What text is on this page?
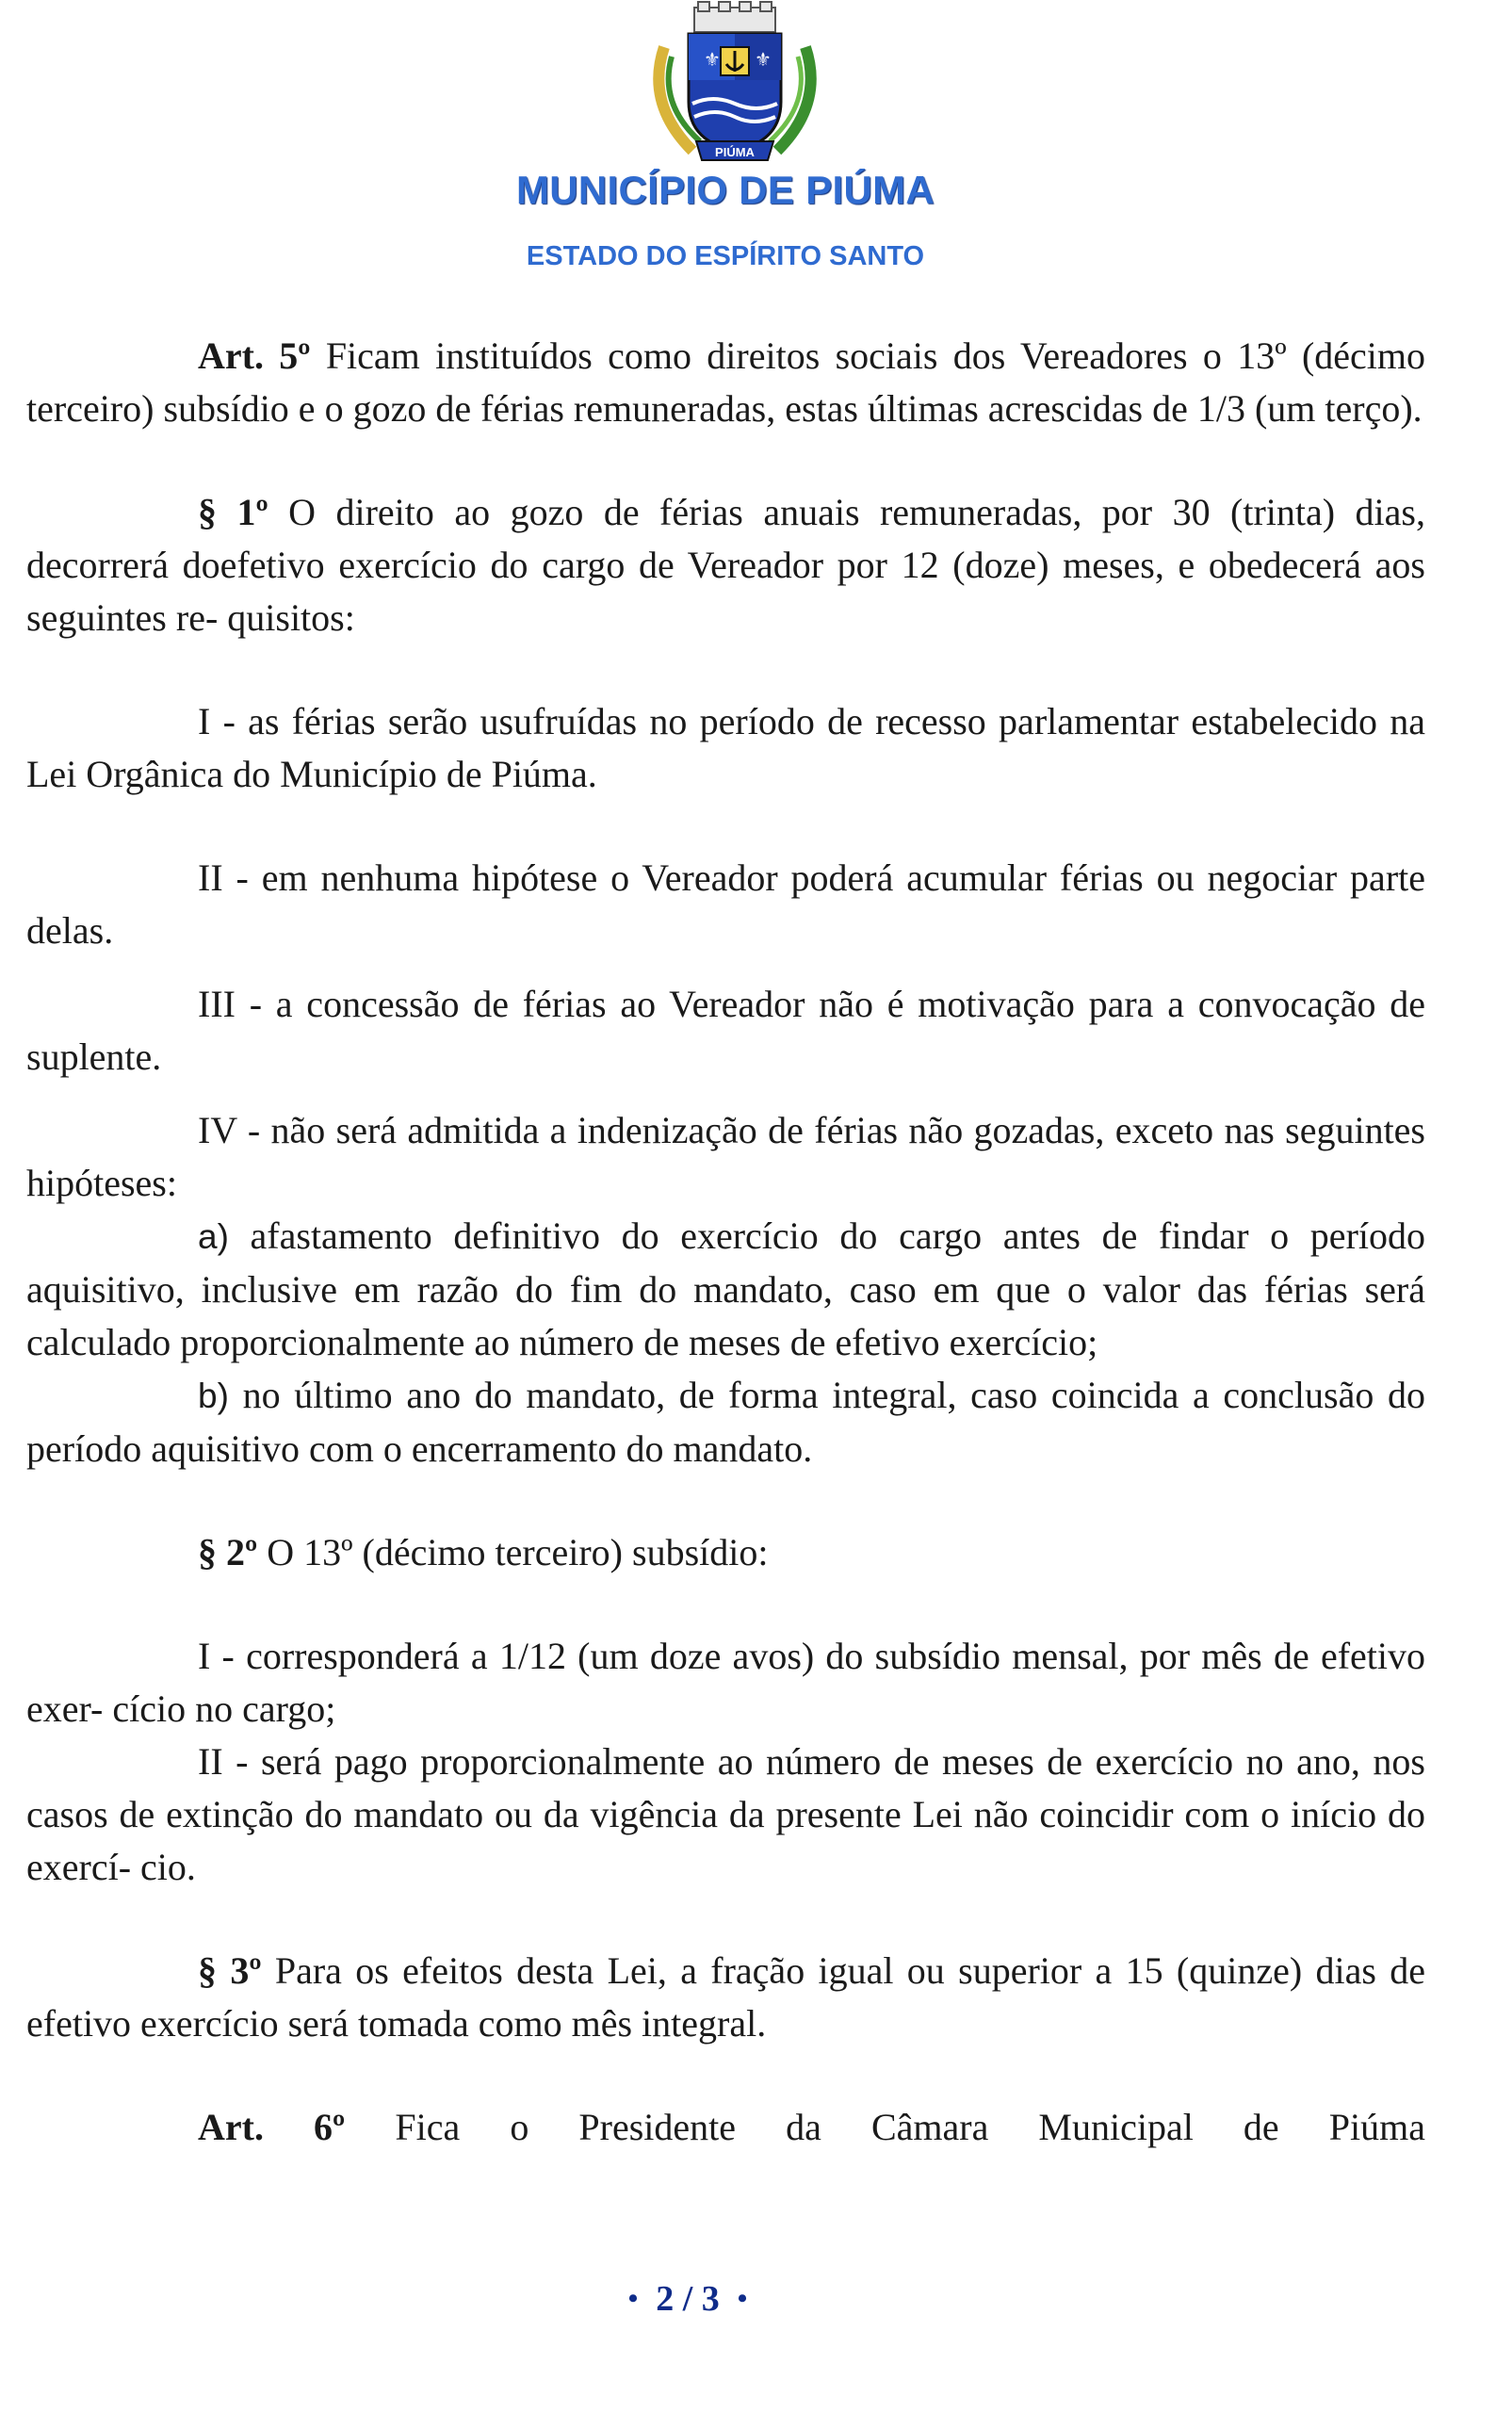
⚜ ⚜
PIÚMA
MUNICÍPIO DE PIÚMA
ESTADO DO ESPÍRITO SANTO

Art. 5º Ficam instituídos como direitos sociais dos Vereadores o 13º (décimo terceiro) subsídio e o gozo de férias remuneradas, estas últimas acrescidas de 1/3 (um terço).

§ 1º O direito ao gozo de férias anuais remuneradas, por 30 (trinta) dias, decorrerá doefetivo exercício do cargo de Vereador por 12 (doze) meses, e obedecerá aos seguintes re- quisitos:

I - as férias serão usufruídas no período de recesso parlamentar estabelecido na Lei Orgânica do Município de Piúma.

II - em nenhuma hipótese o Vereador poderá acumular férias ou negociar parte delas.

III - a concessão de férias ao Vereador não é motivação para a convocação de suplente.

IV - não será admitida a indenização de férias não gozadas, exceto nas seguintes hipóteses:

a) afastamento definitivo do exercício do cargo antes de findar o período aquisitivo, inclusive em razão do fim do mandato, caso em que o valor das férias será calculado proporcionalmente ao número de meses de efetivo exercício;

b) no último ano do mandato, de forma integral, caso coincida a conclusão do período aquisitivo com o encerramento do mandato.

§ 2º O 13º (décimo terceiro) subsídio:

I - corresponderá a 1/12 (um doze avos) do subsídio mensal, por mês de efetivo exer- cício no cargo;

II - será pago proporcionalmente ao número de meses de exercício no ano, nos casos de extinção do mandato ou da vigência da presente Lei não coincidir com o início do exercí- cio.

§ 3º Para os efeitos desta Lei, a fração igual ou superior a 15 (quinze) dias de efetivo exercício será tomada como mês integral.

Art. 6º Fica o Presidente da Câmara Municipal de Piúma

• 2 / 3 •
